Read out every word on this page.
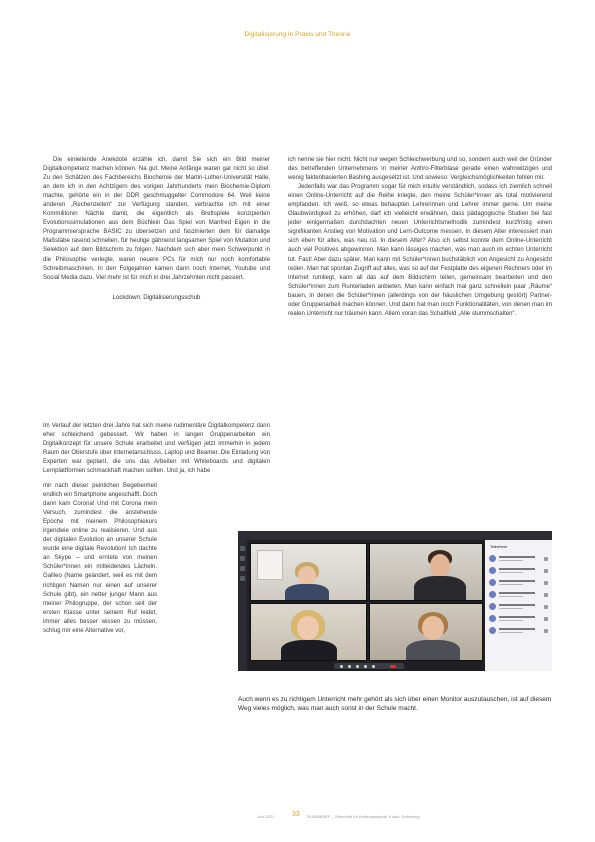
Digitalisierung in Praxis und Theorie

Die einleitende Anekdote erzähle ich, damit Sie sich ein Bild meiner Digitalkompetenz machen können. Na gut. Meine Anfänge waren gar nicht so übel. Zu den Schätzen des Fachbereichs Biochemie der Martin-Luther-Universität Halle, an dem ich in den Achtzigern des vorigen Jahrhunderts mein Biochemie-Diplom machte, gehörte ein in der DDR geschmuggelter Commodore 64. Weil keine anderen „Rechenzeiten“ zur Verfügung standen, verbrachte ich mit einer Kommilitonin Nächte damit, die eigentlich als Brettspiele konzipierten Evolutionssimulationen aus dem Büchlein Das Spiel von Manfred Eigen in die Programmiersprache BASIC zu übersetzen und faszinierten dem für damalige Maßstäbe rasend schnellen, für heutige gähnend langsamen Spiel von Mutation und Selektion auf dem Bildschirm zu folgen. Nachdem sich aber mein Schwerpunkt in die Philosophie verlegte, waren neuere PCs für mich nur noch komfortable Schreibmaschinen. In den Folgejahren kamen dann noch Internet, Youtube und Social Media dazu. Viel mehr ist für mich in drei Jahrzehnten nicht passiert.

Lockdown: Digitalisierungsschub
Im Verlauf der letzten drei Jahre hat sich meine rudimentäre Digitalkompetenz dann eher schleichend gebessert. Wir haben in langen Gruppenarbeiten ein Digitalkonzept für unsere Schule erarbeitet und verfügen jetzt immerhin in jedem Raum der Oberstufe über Internetanschluss, Laptop und Beamer. Die Einladung von Experten war geplant, die uns das Arbeiten mit Whiteboards und digitalen Lernplattformen schmackhaft machen sollten. Und ja, ich habe
mir nach dieser peinlichen Begebenheit endlich ein Smartphone angeschafft. Doch dann kam Corona! Und mit Corona mein Versuch, zumindest die anstehende Epoche mit meinem Philosophiekurs irgendwie online zu realisieren. Und aus der digitalen Evolution an unserer Schule wurde eine digitale Revolution! Ich dachte an Skype – und erntete von meinen Schüler*innen ein mitleidendes Lächeln. Galileo (Name geändert, weil es mit dem richtigen Namen nur einen auf unserer Schule gibt), ein netter junger Mann aus meiner Philogruppe, der schon seit der ersten Klasse unter seinem Ruf leidet, immer alles besser wissen zu müssen, schlug mir eine Alternative vor,

ich nenne sie hier nicht. Nicht nur wegen Schleichwerbung und so, sondern auch weil der Gründer des betreffenden Unternehmens in meiner Anthro-Filterblase gerade einen wahnwitzigen und wenig faktenbasierten Bashing ausgesetzt ist. Und sowieso: Vergleichsmöglichkeiten fehlen mir.

Jedenfalls war das Programm sogar für mich intuitiv verständlich, sodass ich ziemlich schnell einen Online-Unterricht auf die Reihe kriegte, den meine Schüler*innen als total motivierend empfanden. Ich weiß, so etwas behaupten Lehrerinnen und Lehrer immer gerne. Um meine Glaubwürdigkeit zu erhöhen, darf ich vielleicht erwähnen, dass pädagogische Studien bei fast jeder einigermaßen durchdachten neuen Unterrichtsmethodik zumindest kurzfristig einen signifikanten Anstieg von Motivation und Lern-Outcome messen. In diesem Alter interessiert man sich eben für alles, was neu ist. In diesem Alter? Also ich selbst konnte dem Online-Unterricht auch viel Positives abgewinnen. Man kann lässiges machen, was man auch im echten Unterricht tut. Fast! Aber dazu später. Man kann mit Schüler*innen buchstäblich von Angesicht zu Angesicht reden. Man hat spontan Zugriff auf alles, was so auf der Festplatte des eigenen Rechners oder im Internet rumliegt, kann all das auf dem Bildschirm teilen, gemeinsam bearbeiten und den Schüler*innen zum Runterladen anbieten. Man kann einfach mal ganz schnellein paar „Räume“ bauen, in denen die Schüler*innen (allerdings von der häuslichen Umgebung gestört) Partner- oder Gruppenarbeit machen können. Und dann hat man noch Funktionalitäten, von denen man im realen Unterricht nur träumen kann. Allem voran das Schaltfeld „Alle stummschalten“.

Teilnehmer
Auch wenn es zu richtigem Unterricht mehr gehört als sich über einen Monitor auszutauschen, ist auf diesem Weg vieles möglich, was man auch sonst in der Schule macht.
Juni 2021	33 RUNDBRIEF – Zeitschrift für Anthroposophie, Kultur, Erziehung
